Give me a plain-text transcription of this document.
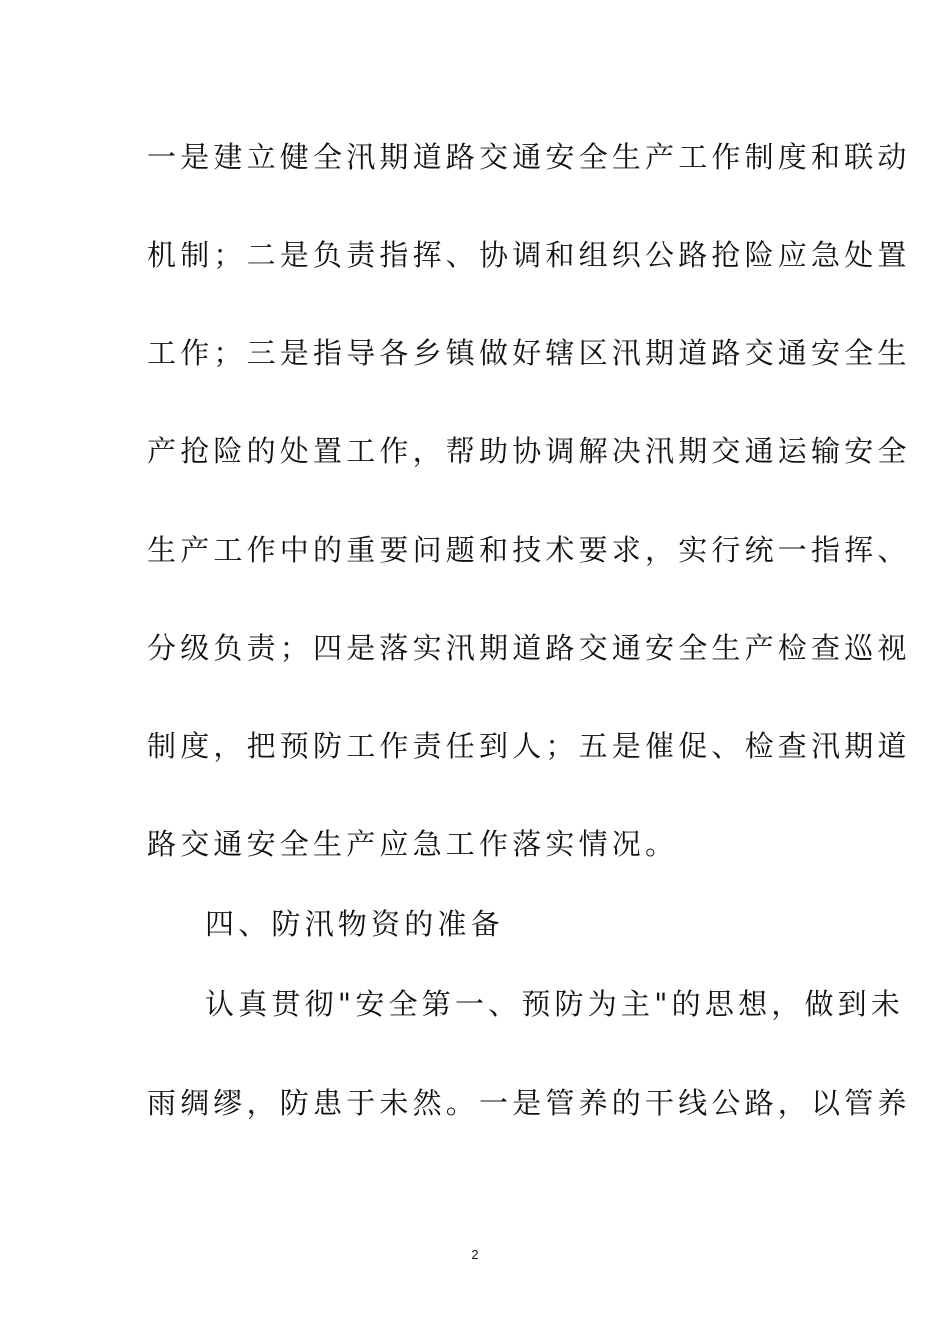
一是建立健全汛期道路交通安全生产工作制度和联动
机制；二是负责指挥、协调和组织公路抢险应急处置
工作；三是指导各乡镇做好辖区汛期道路交通安全生
产抢险的处置工作，帮助协调解决汛期交通运输安全
生产工作中的重要问题和技术要求，实行统一指挥、
分级负责；四是落实汛期道路交通安全生产检查巡视
制度，把预防工作责任到人；五是催促、检查汛期道
路交通安全生产应急工作落实情况。
四、防汛物资的准备
认真贯彻"安全第一、预防为主"的思想，做到未
雨绸缪，防患于未然。一是管养的干线公路，以管养
2
